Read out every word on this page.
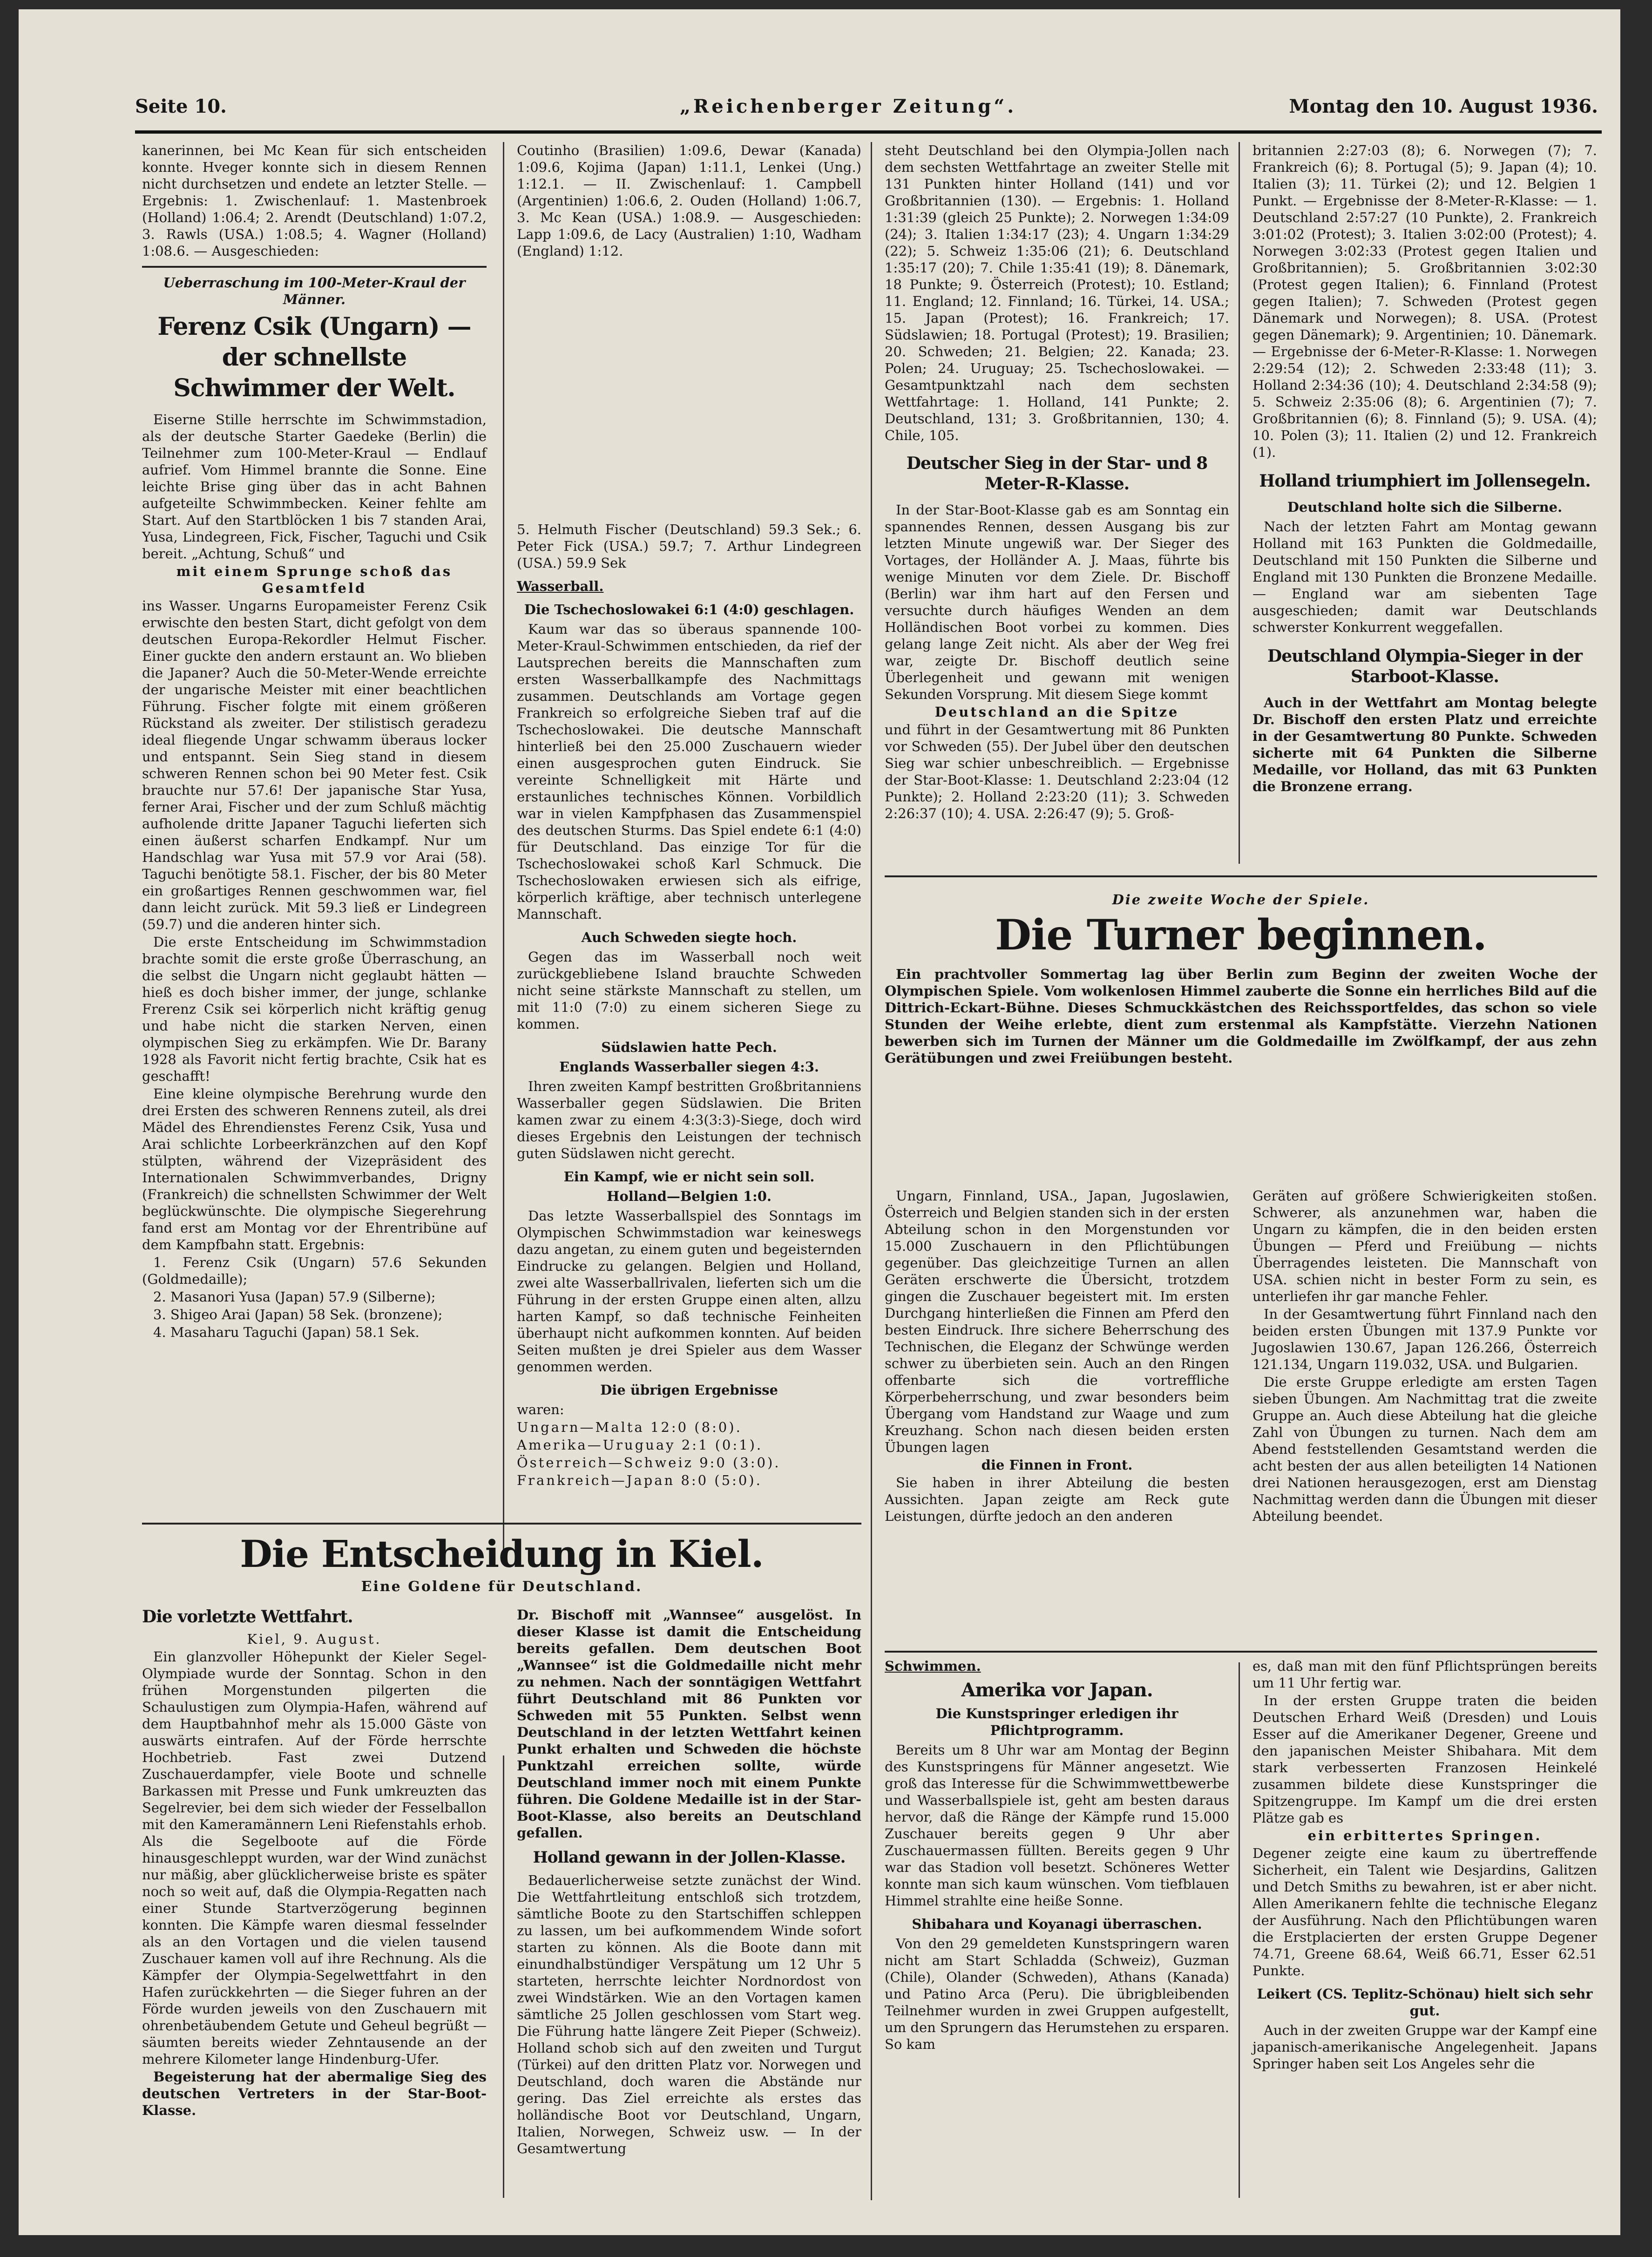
Seite 10.	„Reichenberger Zeitung“.	Montag den 10. August 1936.

kanerinnen, bei Mc Kean für sich entscheiden konnte. Hveger konnte sich in diesem Rennen nicht durchsetzen und endete an letzter Stelle. — Ergebnis: 1. Zwischenlauf: 1. Mastenbroek (Holland) 1:06.4; 2. Arendt (Deutschland) 1:07.2, 3. Rawls (USA.) 1:08.5; 4. Wagner (Holland) 1:08.6. — Ausgeschieden:

Ueberraschung im 100-Meter-Kraul der Männer.
Ferenz Csik (Ungarn) — der schnellste Schwimmer der Welt.

Eiserne Stille herrschte im Schwimmstadion, als der deutsche Starter Gaedeke (Berlin) die Teilnehmer zum 100-Meter-Kraul — Endlauf aufrief. Vom Himmel brannte die Sonne. Eine leichte Brise ging über das in acht Bahnen aufgeteilte Schwimmbecken. Keiner fehlte am Start. Auf den Startblöcken 1 bis 7 standen Arai, Yusa, Lindegreen, Fick, Fischer, Taguchi und Csik bereit. „Achtung, Schuß“ und

mit einem Sprunge schoß das Gesamtfeld

ins Wasser. Ungarns Europameister Ferenz Csik erwischte den besten Start, dicht gefolgt von dem deutschen Europa-Rekordler Helmut Fischer. Einer guckte den andern erstaunt an. Wo blieben die Japaner? Auch die 50-Meter-Wende erreichte der ungarische Meister mit einer beachtlichen Führung. Fischer folgte mit einem größeren Rückstand als zweiter. Der stilistisch geradezu ideal fliegende Ungar schwamm überaus locker und entspannt. Sein Sieg stand in diesem schweren Rennen schon bei 90 Meter fest. Csik brauchte nur 57.6! Der japanische Star Yusa, ferner Arai, Fischer und der zum Schluß mächtig aufholende dritte Japaner Taguchi lieferten sich einen äußerst scharfen Endkampf. Nur um Handschlag war Yusa mit 57.9 vor Arai (58). Taguchi benötigte 58.1. Fischer, der bis 80 Meter ein großartiges Rennen geschwommen war, fiel dann leicht zurück. Mit 59.3 ließ er Lindegreen (59.7) und die anderen hinter sich.

Die erste Entscheidung im Schwimmstadion brachte somit die erste große Überraschung, an die selbst die Ungarn nicht geglaubt hätten — hieß es doch bisher immer, der junge, schlanke Frerenz Csik sei körperlich nicht kräftig genug und habe nicht die starken Nerven, einen olympischen Sieg zu erkämpfen. Wie Dr. Barany 1928 als Favorit nicht fertig brachte, Csik hat es geschafft!

Eine kleine olympische Berehrung wurde den drei Ersten des schweren Rennens zuteil, als drei Mädel des Ehrendienstes Ferenz Csik, Yusa und Arai schlichte Lorbeerkränzchen auf den Kopf stülpten, während der Vizepräsident des Internationalen Schwimmverbandes, Drigny (Frankreich) die schnellsten Schwimmer der Welt beglückwünschte. Die olympische Siegerehrung fand erst am Montag vor der Ehrentribüne auf dem Kampfbahn statt. Ergebnis:

1. Ferenz Csik (Ungarn) 57.6 Sekunden (Goldmedaille);

2. Masanori Yusa (Japan) 57.9 (Silberne);

3. Shigeo Arai (Japan) 58 Sek. (bronzene);

4. Masaharu Taguchi (Japan) 58.1 Sek.

Coutinho (Brasilien) 1:09.6, Dewar (Kanada) 1:09.6, Kojima (Japan) 1:11.1, Lenkei (Ung.) 1:12.1. — II. Zwischenlauf: 1. Campbell (Argentinien) 1:06.6, 2. Ouden (Holland) 1:06.7, 3. Mc Kean (USA.) 1:08.9. — Ausgeschieden: Lapp 1:09.6, de Lacy (Australien) 1:10, Wadham (England) 1:12.

5. Helmuth Fischer (Deutschland) 59.3 Sek.; 6. Peter Fick (USA.) 59.7; 7. Arthur Lindegreen (USA.) 59.9 Sek

Wasserball.
Die Tschechoslowakei 6:1 (4:0) geschlagen.

Kaum war das so überaus spannende 100-Meter-Kraul-Schwimmen entschieden, da rief der Lautsprechen bereits die Mannschaften zum ersten Wasserballkampfe des Nachmittags zusammen. Deutschlands am Vortage gegen Frankreich so erfolgreiche Sieben traf auf die Tschechoslowakei. Die deutsche Mannschaft hinterließ bei den 25.000 Zuschauern wieder einen ausgesprochen guten Eindruck. Sie vereinte Schnelligkeit mit Härte und erstaunliches technisches Können. Vorbildlich war in vielen Kampfphasen das Zusammenspiel des deutschen Sturms. Das Spiel endete 6:1 (4:0) für Deutschland. Das einzige Tor für die Tschechoslowakei schoß Karl Schmuck. Die Tschechoslowaken erwiesen sich als eifrige, körperlich kräftige, aber technisch unterlegene Mannschaft.

Auch Schweden siegte hoch.

Gegen das im Wasserball noch weit zurückgebliebene Island brauchte Schweden nicht seine stärkste Mannschaft zu stellen, um mit 11:0 (7:0) zu einem sicheren Siege zu kommen.

Südslawien hatte Pech.
Englands Wasserballer siegen 4:3.

Ihren zweiten Kampf bestritten Großbritanniens Wasserballer gegen Südslawien. Die Briten kamen zwar zu einem 4:3(3:3)-Siege, doch wird dieses Ergebnis den Leistungen der technisch guten Südslawen nicht gerecht.

Ein Kampf, wie er nicht sein soll.
Holland—Belgien 1:0.

Das letzte Wasserballspiel des Sonntags im Olympischen Schwimmstadion war keineswegs dazu angetan, zu einem guten und begeisternden Eindrucke zu gelangen. Belgien und Holland, zwei alte Wasserballrivalen, lieferten sich um die Führung in der ersten Gruppe einen alten, allzu harten Kampf, so daß technische Feinheiten überhaupt nicht aufkommen konnten. Auf beiden Seiten mußten je drei Spieler aus dem Wasser genommen werden.

Die übrigen Ergebnisse

waren:

Ungarn—Malta 12:0 (8:0).

Amerika—Uruguay 2:1 (0:1).

Österreich—Schweiz 9:0 (3:0).

Frankreich—Japan 8:0 (5:0).

steht Deutschland bei den Olympia-Jollen nach dem sechsten Wettfahrtage an zweiter Stelle mit 131 Punkten hinter Holland (141) und vor Großbritannien (130). — Ergebnis: 1. Holland 1:31:39 (gleich 25 Punkte); 2. Norwegen 1:34:09 (24); 3. Italien 1:34:17 (23); 4. Ungarn 1:34:29 (22); 5. Schweiz 1:35:06 (21); 6. Deutschland 1:35:17 (20); 7. Chile 1:35:41 (19); 8. Dänemark, 18 Punkte; 9. Österreich (Protest); 10. Estland; 11. England; 12. Finnland; 16. Türkei, 14. USA.; 15. Japan (Protest); 16. Frankreich; 17. Südslawien; 18. Portugal (Protest); 19. Brasilien; 20. Schweden; 21. Belgien; 22. Kanada; 23. Polen; 24. Uruguay; 25. Tschechoslowakei. — Gesamtpunktzahl nach dem sechsten Wettfahrtage: 1. Holland, 141 Punkte; 2. Deutschland, 131; 3. Großbritannien, 130; 4. Chile, 105.

Deutscher Sieg in der Star- und 8 Meter-R-Klasse.

In der Star-Boot-Klasse gab es am Sonntag ein spannendes Rennen, dessen Ausgang bis zur letzten Minute ungewiß war. Der Sieger des Vortages, der Holländer A. J. Maas, führte bis wenige Minuten vor dem Ziele. Dr. Bischoff (Berlin) war ihm hart auf den Fersen und versuchte durch häufiges Wenden an dem Holländischen Boot vorbei zu kommen. Dies gelang lange Zeit nicht. Als aber der Weg frei war, zeigte Dr. Bischoff deutlich seine Überlegenheit und gewann mit wenigen Sekunden Vorsprung. Mit diesem Siege kommt

Deutschland an die Spitze

und führt in der Gesamtwertung mit 86 Punkten vor Schweden (55). Der Jubel über den deutschen Sieg war schier unbeschreiblich. — Ergebnisse der Star-Boot-Klasse: 1. Deutschland 2:23:04 (12 Punkte); 2. Holland 2:23:20 (11); 3. Schweden 2:26:37 (10); 4. USA. 2:26:47 (9); 5. Groß-

britannien 2:27:03 (8); 6. Norwegen (7); 7. Frankreich (6); 8. Portugal (5); 9. Japan (4); 10. Italien (3); 11. Türkei (2); und 12. Belgien 1 Punkt. — Ergebnisse der 8-Meter-R-Klasse: — 1. Deutschland 2:57:27 (10 Punkte), 2. Frankreich 3:01:02 (Protest); 3. Italien 3:02:00 (Protest); 4. Norwegen 3:02:33 (Protest gegen Italien und Großbritannien); 5. Großbritannien 3:02:30 (Protest gegen Italien); 6. Finnland (Protest gegen Italien); 7. Schweden (Protest gegen Dänemark und Norwegen); 8. USA. (Protest gegen Dänemark); 9. Argentinien; 10. Dänemark. — Ergebnisse der 6-Meter-R-Klasse: 1. Norwegen 2:29:54 (12); 2. Schweden 2:33:48 (11); 3. Holland 2:34:36 (10); 4. Deutschland 2:34:58 (9); 5. Schweiz 2:35:06 (8); 6. Argentinien (7); 7. Großbritannien (6); 8. Finnland (5); 9. USA. (4); 10. Polen (3); 11. Italien (2) und 12. Frankreich (1).

Holland triumphiert im Jollensegeln.
Deutschland holte sich die Silberne.

Nach der letzten Fahrt am Montag gewann Holland mit 163 Punkten die Goldmedaille, Deutschland mit 150 Punkten die Silberne und England mit 130 Punkten die Bronzene Medaille. — England war am siebenten Tage ausgeschieden; damit war Deutschlands schwerster Konkurrent weggefallen.

Deutschland Olympia-Sieger in der Starboot-Klasse.

Auch in der Wettfahrt am Montag belegte Dr. Bischoff den ersten Platz und erreichte in der Gesamtwertung 80 Punkte. Schweden sicherte mit 64 Punkten die Silberne Medaille, vor Holland, das mit 63 Punkten die Bronzene errang.

Die zweite Woche der Spiele.
Die Turner beginnen.

Ein prachtvoller Sommertag lag über Berlin zum Beginn der zweiten Woche der Olympischen Spiele. Vom wolkenlosen Himmel zauberte die Sonne ein herrliches Bild auf die Dittrich-Eckart-Bühne. Dieses Schmuckkästchen des Reichssportfeldes, das schon so viele Stunden der Weihe erlebte, dient zum erstenmal als Kampfstätte. Vierzehn Nationen bewerben sich im Turnen der Männer um die Goldmedaille im Zwölfkampf, der aus zehn Gerätübungen und zwei Freiübungen besteht.

Ungarn, Finnland, USA., Japan, Jugoslawien, Österreich und Belgien standen sich in der ersten Abteilung schon in den Morgenstunden vor 15.000 Zuschauern in den Pflichtübungen gegenüber. Das gleichzeitige Turnen an allen Geräten erschwerte die Übersicht, trotzdem gingen die Zuschauer begeistert mit. Im ersten Durchgang hinterließen die Finnen am Pferd den besten Eindruck. Ihre sichere Beherrschung des Technischen, die Eleganz der Schwünge werden schwer zu überbieten sein. Auch an den Ringen offenbarte sich die vortreffliche Körperbeherrschung, und zwar besonders beim Übergang vom Handstand zur Waage und zum Kreuzhang. Schon nach diesen beiden ersten Übungen lagen

die Finnen in Front.

Sie haben in ihrer Abteilung die besten Aussichten. Japan zeigte am Reck gute Leistungen, dürfte jedoch an den anderen

Geräten auf größere Schwierigkeiten stoßen. Schwerer, als anzunehmen war, haben die Ungarn zu kämpfen, die in den beiden ersten Übungen — Pferd und Freiübung — nichts Überragendes leisteten. Die Mannschaft von USA. schien nicht in bester Form zu sein, es unterliefen ihr gar manche Fehler.

In der Gesamtwertung führt Finnland nach den beiden ersten Übungen mit 137.9 Punkte vor Jugoslawien 130.67, Japan 126.266, Österreich 121.134, Ungarn 119.032, USA. und Bulgarien.

Die erste Gruppe erledigte am ersten Tagen sieben Übungen. Am Nachmittag trat die zweite Gruppe an. Auch diese Abteilung hat die gleiche Zahl von Übungen zu turnen. Nach dem am Abend feststellenden Gesamtstand werden die acht besten der aus allen beteiligten 14 Nationen drei Nationen herausgezogen, erst am Dienstag Nachmittag werden dann die Übungen mit dieser Abteilung beendet.

Die Entscheidung in Kiel.
Eine Goldene für Deutschland.
Die vorletzte Wettfahrt.

Kiel, 9. August.

Ein glanzvoller Höhepunkt der Kieler Segel-Olympiade wurde der Sonntag. Schon in den frühen Morgenstunden pilgerten die Schaulustigen zum Olympia-Hafen, während auf dem Hauptbahnhof mehr als 15.000 Gäste von auswärts eintrafen. Auf der Förde herrschte Hochbetrieb. Fast zwei Dutzend Zuschauerdampfer, viele Boote und schnelle Barkassen mit Presse und Funk umkreuzten das Segelrevier, bei dem sich wieder der Fesselballon mit den Kameramännern Leni Riefenstahls erhob. Als die Segelboote auf die Förde hinausgeschleppt wurden, war der Wind zunächst nur mäßig, aber glücklicherweise briste es später noch so weit auf, daß die Olympia-Regatten nach einer Stunde Startverzögerung beginnen konnten. Die Kämpfe waren diesmal fesselnder als an den Vortagen und die vielen tausend Zuschauer kamen voll auf ihre Rechnung. Als die Kämpfer der Olympia-Segelwettfahrt in den Hafen zurückkehrten — die Sieger fuhren an der Förde wurden jeweils von den Zuschauern mit ohrenbetäubendem Getute und Geheul begrüßt — säumten bereits wieder Zehntausende an der mehrere Kilometer lange Hindenburg-Ufer.

Begeisterung hat der abermalige Sieg des deutschen Vertreters in der Star-Boot-Klasse.

Dr. Bischoff mit „Wannsee“ ausgelöst. In dieser Klasse ist damit die Entscheidung bereits gefallen. Dem deutschen Boot „Wannsee“ ist die Goldmedaille nicht mehr zu nehmen. Nach der sonntägigen Wettfahrt führt Deutschland mit 86 Punkten vor Schweden mit 55 Punkten. Selbst wenn Deutschland in der letzten Wettfahrt keinen Punkt erhalten und Schweden die höchste Punktzahl erreichen sollte, würde Deutschland immer noch mit einem Punkte führen. Die Goldene Medaille ist in der Star-Boot-Klasse, also bereits an Deutschland gefallen.

Holland gewann in der Jollen-Klasse.

Bedauerlicherweise setzte zunächst der Wind. Die Wettfahrtleitung entschloß sich trotzdem, sämtliche Boote zu den Startschiffen schleppen zu lassen, um bei aufkommendem Winde sofort starten zu können. Als die Boote dann mit einundhalbstündiger Verspätung um 12 Uhr 5 starteten, herrschte leichter Nordnordost von zwei Windstärken. Wie an den Vortagen kamen sämtliche 25 Jollen geschlossen vom Start weg. Die Führung hatte längere Zeit Pieper (Schweiz). Holland schob sich auf den zweiten und Turgut (Türkei) auf den dritten Platz vor. Norwegen und Deutschland, doch waren die Abstände nur gering. Das Ziel erreichte als erstes das holländische Boot vor Deutschland, Ungarn, Italien, Norwegen, Schweiz usw. — In der Gesamtwertung

Schwimmen.
Amerika vor Japan.
Die Kunstspringer erledigen ihr Pflichtprogramm.

Bereits um 8 Uhr war am Montag der Beginn des Kunstspringens für Männer angesetzt. Wie groß das Interesse für die Schwimmwettbewerbe und Wasserballspiele ist, geht am besten daraus hervor, daß die Ränge der Kämpfe rund 15.000 Zuschauer bereits gegen 9 Uhr aber Zuschauermassen füllten. Bereits gegen 9 Uhr war das Stadion voll besetzt. Schöneres Wetter konnte man sich kaum wünschen. Vom tiefblauen Himmel strahlte eine heiße Sonne.

Shibahara und Koyanagi überraschen.

Von den 29 gemeldeten Kunstspringern waren nicht am Start Schladda (Schweiz), Guzman (Chile), Olander (Schweden), Athans (Kanada) und Patino Arca (Peru). Die übrigbleibenden Teilnehmer wurden in zwei Gruppen aufgestellt, um den Sprungern das Herumstehen zu ersparen. So kam

es, daß man mit den fünf Pflichtsprüngen bereits um 11 Uhr fertig war.

In der ersten Gruppe traten die beiden Deutschen Erhard Weiß (Dresden) und Louis Esser auf die Amerikaner Degener, Greene und den japanischen Meister Shibahara. Mit dem stark verbesserten Franzosen Heinkelé zusammen bildete diese Kunstspringer die Spitzengruppe. Im Kampf um die drei ersten Plätze gab es

ein erbittertes Springen.

Degener zeigte eine kaum zu übertreffende Sicherheit, ein Talent wie Desjardins, Galitzen und Detch Smiths zu bewahren, ist er aber nicht. Allen Amerikanern fehlte die technische Eleganz der Ausführung. Nach den Pflichtübungen waren die Erstplacierten der ersten Gruppe Degener 74.71, Greene 68.64, Weiß 66.71, Esser 62.51 Punkte.

Leikert (CS. Teplitz-Schönau) hielt sich sehr gut.

Auch in der zweiten Gruppe war der Kampf eine japanisch-amerikanische Angelegenheit. Japans Springer haben seit Los Angeles sehr die
